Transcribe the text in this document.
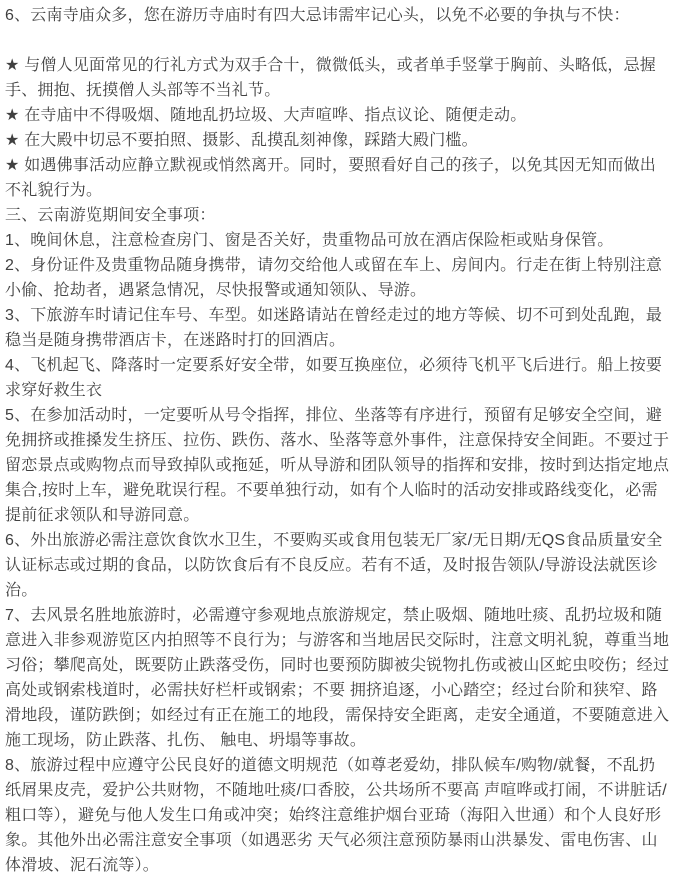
6、云南寺庙众多，您在游历寺庙时有四大忌讳需牢记心头，以免不必要的争执与不快：

★ 与僧人见面常见的行礼方式为双手合十，微微低头，或者单手竖掌于胸前、头略低，忌握手、拥抱、抚摸僧人头部等不当礼节。

★ 在寺庙中不得吸烟、随地乱扔垃圾、大声喧哗、指点议论、随便走动。

★ 在大殿中切忌不要拍照、摄影、乱摸乱刻神像，踩踏大殿门槛。

★ 如遇佛事活动应静立默视或悄然离开。同时，要照看好自己的孩子，以免其因无知而做出不礼貌行为。

三、云南游览期间安全事项：

1、晚间休息，注意检查房门、窗是否关好，贵重物品可放在酒店保险柜或贴身保管。

2、身份证件及贵重物品随身携带，请勿交给他人或留在车上、房间内。行走在街上特别注意小偷、抢劫者，遇紧急情况，尽快报警或通知领队、导游。

3、下旅游车时请记住车号、车型。如迷路请站在曾经走过的地方等候、切不可到处乱跑，最稳当是随身携带酒店卡，在迷路时打的回酒店。

4、飞机起飞、降落时一定要系好安全带，如要互换座位，必须待飞机平飞后进行。船上按要求穿好救生衣

5、在参加活动时，一定要听从号令指挥，排位、坐落等有序进行，预留有足够安全空间，避免拥挤或推搡发生挤压、拉伤、跌伤、落水、坠落等意外事件，注意保持安全间距。不要过于留恋景点或购物点而导致掉队或拖延，听从导游和团队领导的指挥和安排，按时到达指定地点集合,按时上车，避免耽误行程。不要单独行动，如有个人临时的活动安排或路线变化，必需提前征求领队和导游同意。

6、外出旅游必需注意饮食饮水卫生，不要购买或食用包装无厂家/无日期/无QS食品质量安全认证标志或过期的食品，以防饮食后有不良反应。若有不适，及时报告领队/导游设法就医诊治。

7、去风景名胜地旅游时，必需遵守参观地点旅游规定，禁止吸烟、随地吐痰、乱扔垃圾和随意进入非参观游览区内拍照等不良行为；与游客和当地居民交际时，注意文明礼貌，尊重当地习俗；攀爬高处，既要防止跌落受伤，同时也要预防脚被尖锐物扎伤或被山区蛇虫咬伤；经过高处或钢索栈道时，必需扶好栏杆或钢索；不要 拥挤追逐，小心踏空；经过台阶和狭窄、路滑地段，谨防跌倒；如经过有正在施工的地段，需保持安全距离，走安全通道，不要随意进入施工现场，防止跌落、扎伤、 触电、坍塌等事故。

8、旅游过程中应遵守公民良好的道德文明规范（如尊老爱幼，排队候车/购物/就餐，不乱扔纸屑果皮壳，爱护公共财物，不随地吐痰/口香胶，公共场所不要高 声喧哗或打闹，不讲脏话/粗口等），避免与他人发生口角或冲突；始终注意维护烟台亚琦（海阳入世通）和个人良好形象。其他外出必需注意安全事项（如遇恶劣 天气必须注意预防暴雨山洪暴发、雷电伤害、山体滑坡、泥石流等）。
